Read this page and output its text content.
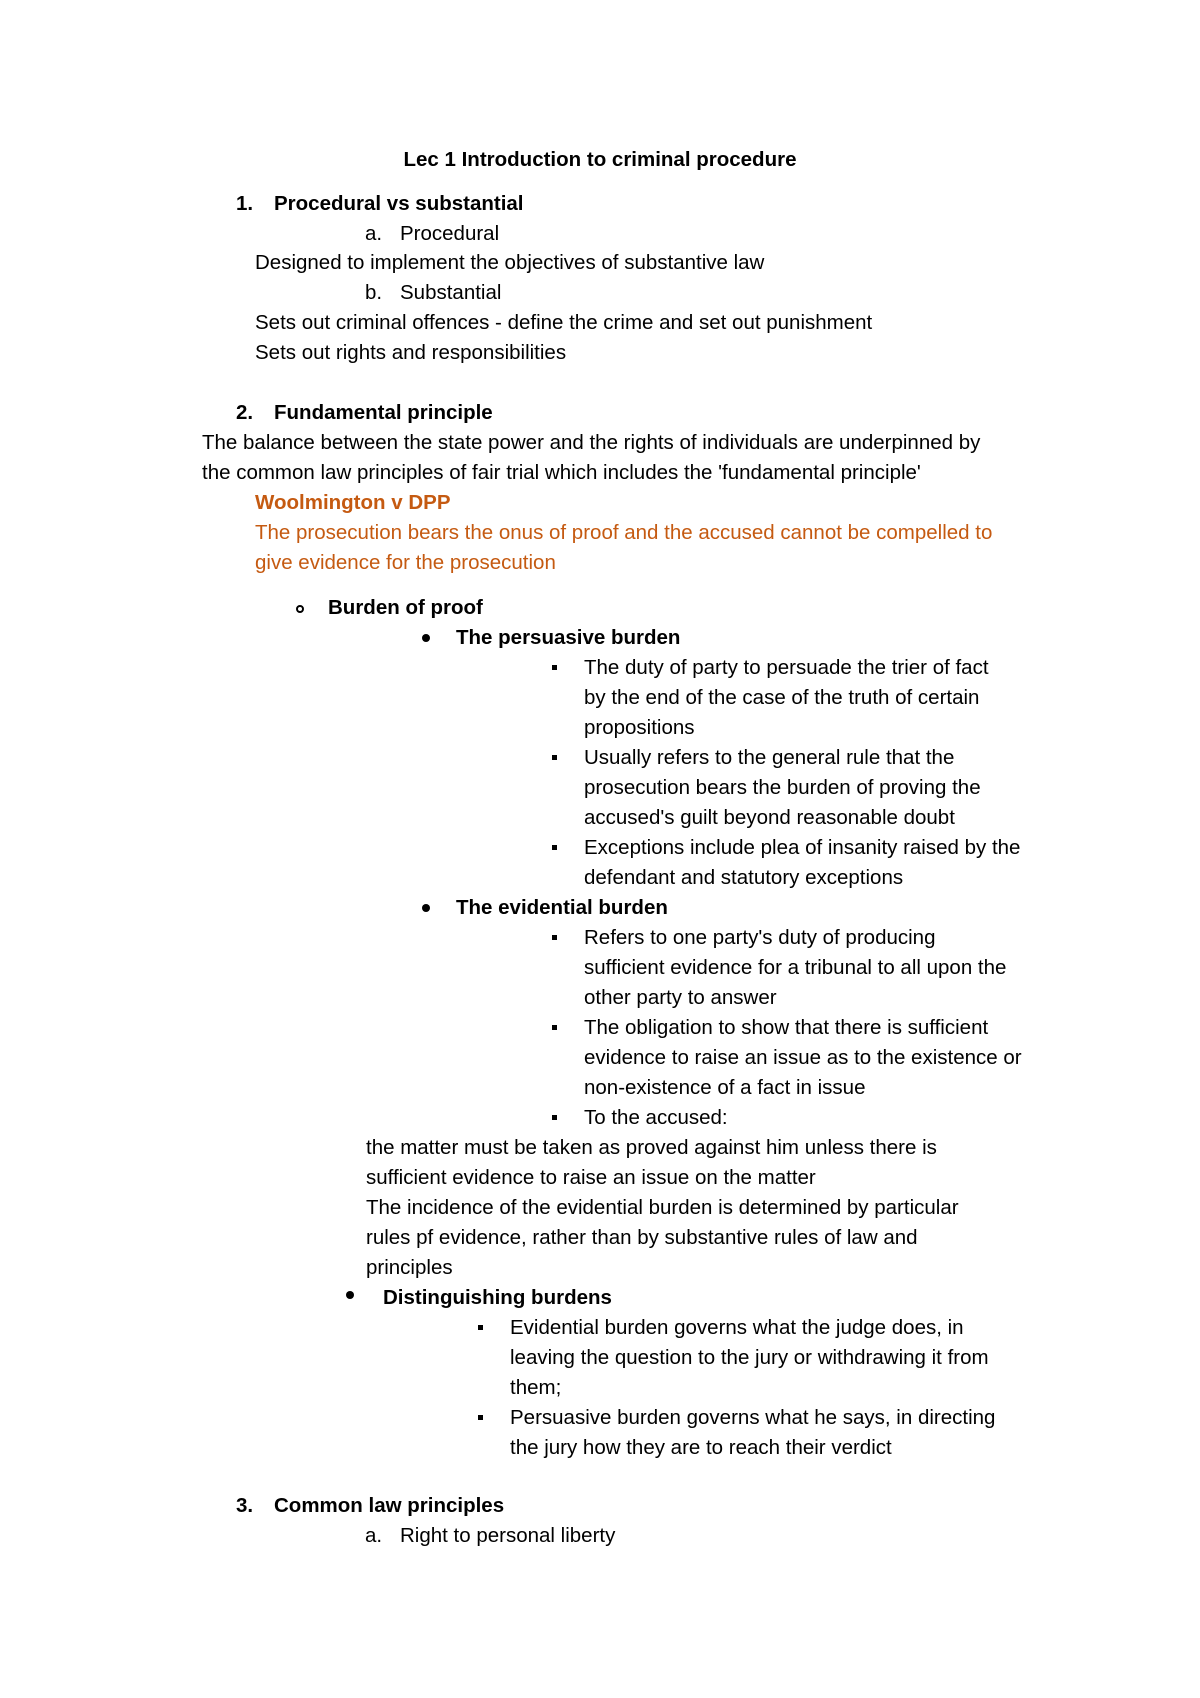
Lec 1 Introduction to criminal procedure
1. Procedural vs substantial
a. Procedural
Designed to implement the objectives of substantive law
b. Substantial
Sets out criminal offences - define the crime and set out punishment
Sets out rights and responsibilities
2. Fundamental principle
The balance between the state power and the rights of individuals are underpinned by
the common law principles of fair trial which includes the 'fundamental principle'
Woolmington v DPP
The prosecution bears the onus of proof and the accused cannot be compelled to
give evidence for the prosecution
Burden of proof
The persuasive burden
The duty of party to persuade the trier of fact
by the end of the case of the truth of certain
propositions
Usually refers to the general rule that the
prosecution bears the burden of proving the
accused's guilt beyond reasonable doubt
Exceptions include plea of insanity raised by the
defendant and statutory exceptions
The evidential burden
Refers to one party's duty of producing
sufficient evidence for a tribunal to all upon the
other party to answer
The obligation to show that there is sufficient
evidence to raise an issue as to the existence or
non-existence of a fact in issue
To the accused:
the matter must be taken as proved against him unless there is
sufficient evidence to raise an issue on the matter
The incidence of the evidential burden is determined by particular
rules pf evidence, rather than by substantive rules of law and
principles
Distinguishing burdens
Evidential burden governs what the judge does, in
leaving the question to the jury or withdrawing it from
them;
Persuasive burden governs what he says, in directing
the jury how they are to reach their verdict
3. Common law principles
a. Right to personal liberty
